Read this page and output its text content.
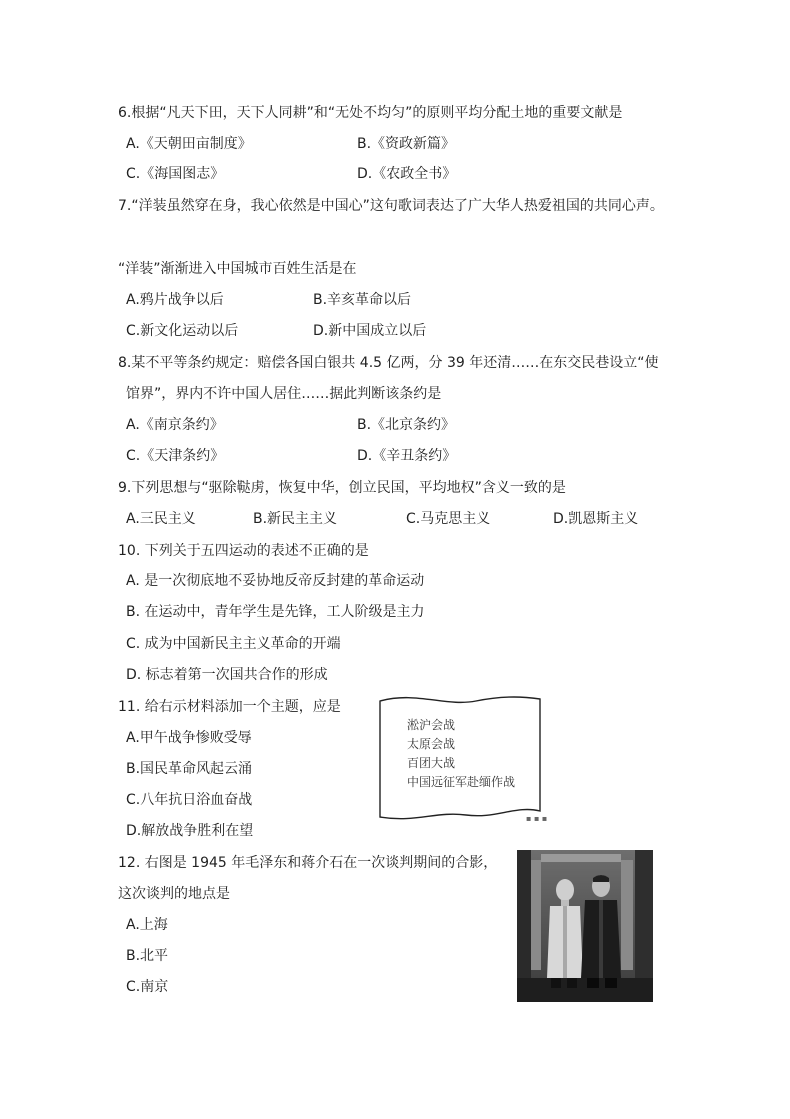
6.根据“凡天下田，天下人同耕”和“无处不均匀”的原则平均分配土地的重要文献是
A.《天朝田亩制度》	B.《资政新篇》
C.《海国图志》	D.《农政全书》
7.“洋装虽然穿在身，我心依然是中国心”这句歌词表达了广大华人热爱祖国的共同心声。
“洋装”渐渐进入中国城市百姓生活是在
A.鸦片战争以后	B.辛亥革命以后
C.新文化运动以后	D.新中国成立以后
8.某不平等条约规定：赔偿各国白银共 4.5 亿两，分 39 年还清……在东交民巷设立“使
馆界”，界内不许中国人居住……据此判断该条约是
A.《南京条约》	B.《北京条约》
C.《天津条约》	D.《辛丑条约》
9.下列思想与“驱除鞑虏，恢复中华，创立民国，平均地权”含义一致的是
A.三民主义	B.新民主主义	C.马克思主义	D.凯恩斯主义
10. 下列关于五四运动的表述不正确的是
A. 是一次彻底地不妥协地反帝反封建的革命运动
B. 在运动中，青年学生是先锋，工人阶级是主力
C. 成为中国新民主主义革命的开端
D. 标志着第一次国共合作的形成
11. 给右示材料添加一个主题，应是
A.甲午战争惨败受辱
B.国民革命风起云涌
C.八年抗日浴血奋战
D.解放战争胜利在望
淞沪会战
太原会战
百团大战
中国远征军赴缅作战
▪ ▪ ▪
12. 右图是 1945 年毛泽东和蒋介石在一次谈判期间的合影，
这次谈判的地点是
A.上海
B.北平
C.南京
